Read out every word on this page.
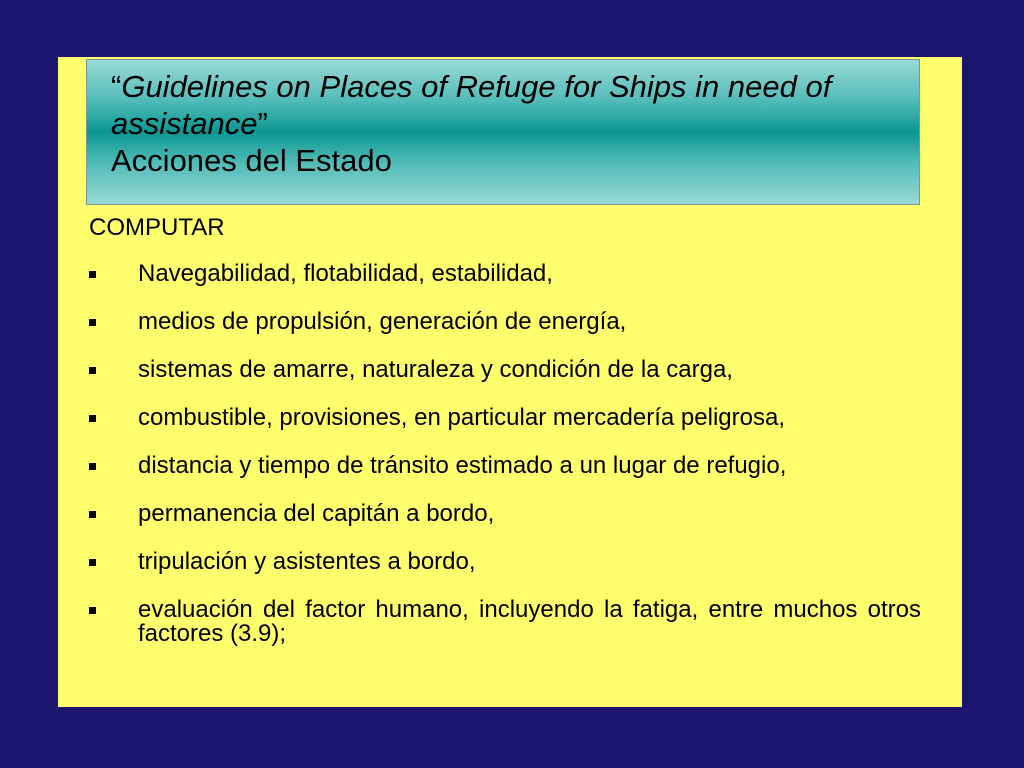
“Guidelines on Places of Refuge for Ships in need of assistance”
Acciones del Estado
COMPUTAR
Navegabilidad, flotabilidad, estabilidad,
medios de propulsión, generación de energía,
sistemas de amarre, naturaleza y condición de la carga,
combustible, provisiones, en particular mercadería peligrosa,
distancia y tiempo de tránsito estimado a un lugar de refugio,
permanencia del capitán a bordo,
tripulación y asistentes a bordo,
evaluación del factor humano, incluyendo la fatiga, entre muchos otros factores (3.9);
